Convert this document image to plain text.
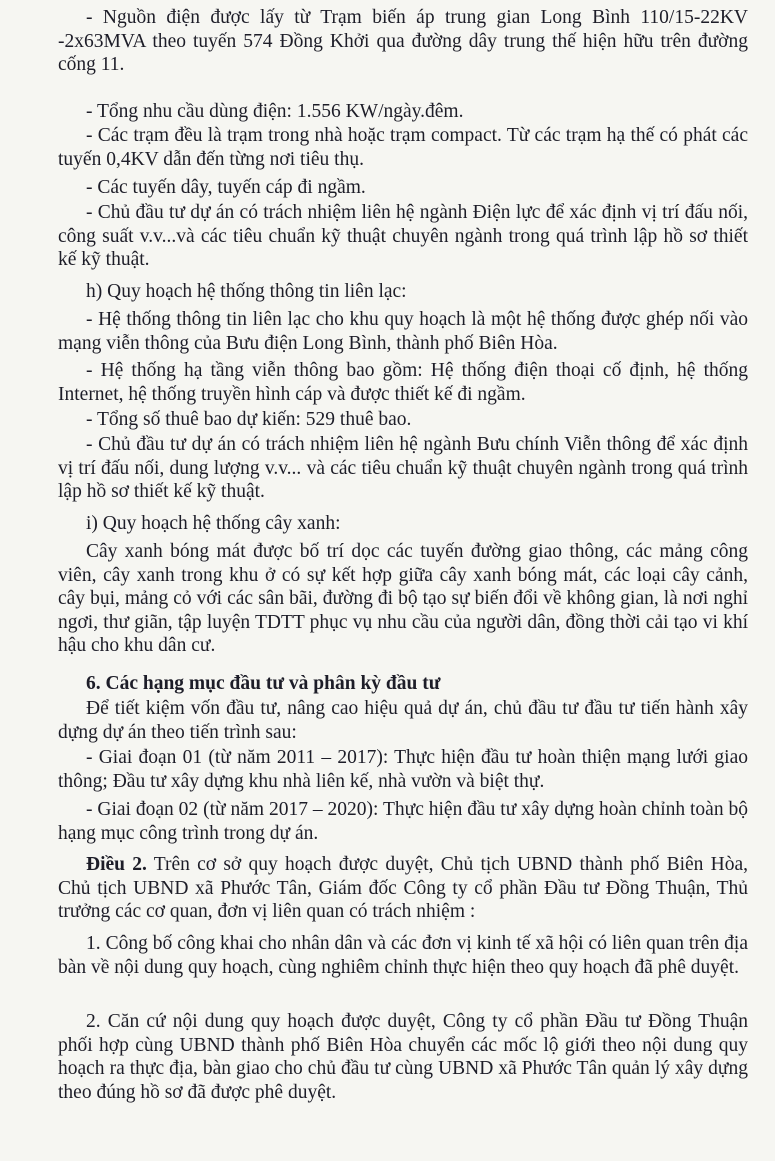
- Nguồn điện được lấy từ Trạm biến áp trung gian Long Bình 110/15-22KV -2x63MVA theo tuyến 574 Đồng Khởi qua đường dây trung thế hiện hữu trên đường cống 11.

- Tổng nhu cầu dùng điện: 1.556 KW/ngày.đêm.

- Các trạm đều là trạm trong nhà hoặc trạm compact. Từ các trạm hạ thế có phát các tuyến 0,4KV dẫn đến từng nơi tiêu thụ.

- Các tuyến dây, tuyến cáp đi ngầm.

- Chủ đầu tư dự án có trách nhiệm liên hệ ngành Điện lực để xác định vị trí đấu nối, công suất v.v...và các tiêu chuẩn kỹ thuật chuyên ngành trong quá trình lập hồ sơ thiết kế kỹ thuật.

h) Quy hoạch hệ thống thông tin liên lạc:

- Hệ thống thông tin liên lạc cho khu quy hoạch là một hệ thống được ghép nối vào mạng viễn thông của Bưu điện Long Bình, thành phố Biên Hòa.

- Hệ thống hạ tầng viễn thông bao gồm: Hệ thống điện thoại cố định, hệ thống Internet, hệ thống truyền hình cáp và được thiết kế đi ngầm.

- Tổng số thuê bao dự kiến: 529 thuê bao.

- Chủ đầu tư dự án có trách nhiệm liên hệ ngành Bưu chính Viễn thông để xác định vị trí đấu nối, dung lượng v.v... và các tiêu chuẩn kỹ thuật chuyên ngành trong quá trình lập hồ sơ thiết kế kỹ thuật.

i) Quy hoạch hệ thống cây xanh:

Cây xanh bóng mát được bố trí dọc các tuyến đường giao thông, các mảng công viên, cây xanh trong khu ở có sự kết hợp giữa cây xanh bóng mát, các loại cây cảnh, cây bụi, mảng cỏ với các sân bãi, đường đi bộ tạo sự biến đổi về không gian, là nơi nghỉ ngơi, thư giãn, tập luyện TDTT phục vụ nhu cầu của người dân, đồng thời cải tạo vi khí hậu cho khu dân cư.

6. Các hạng mục đầu tư và phân kỳ đầu tư

Để tiết kiệm vốn đầu tư, nâng cao hiệu quả dự án, chủ đầu tư đầu tư tiến hành xây dựng dự án theo tiến trình sau:

- Giai đoạn 01 (từ năm 2011 – 2017): Thực hiện đầu tư hoàn thiện mạng lưới giao thông; Đầu tư xây dựng khu nhà liên kế, nhà vườn và biệt thự.

- Giai đoạn 02 (từ năm 2017 – 2020): Thực hiện đầu tư xây dựng hoàn chỉnh toàn bộ hạng mục công trình trong dự án.

Điều 2. Trên cơ sở quy hoạch được duyệt, Chủ tịch UBND thành phố Biên Hòa, Chủ tịch UBND xã Phước Tân, Giám đốc Công ty cổ phần Đầu tư Đồng Thuận, Thủ trưởng các cơ quan, đơn vị liên quan có trách nhiệm :

1. Công bố công khai cho nhân dân và các đơn vị kinh tế xã hội có liên quan trên địa bàn về nội dung quy hoạch, cùng nghiêm chỉnh thực hiện theo quy hoạch đã phê duyệt.

2. Căn cứ nội dung quy hoạch được duyệt, Công ty cổ phần Đầu tư Đồng Thuận phối hợp cùng UBND thành phố Biên Hòa chuyển các mốc lộ giới theo nội dung quy hoạch ra thực địa, bàn giao cho chủ đầu tư cùng UBND xã Phước Tân quản lý xây dựng theo đúng hồ sơ đã được phê duyệt.
